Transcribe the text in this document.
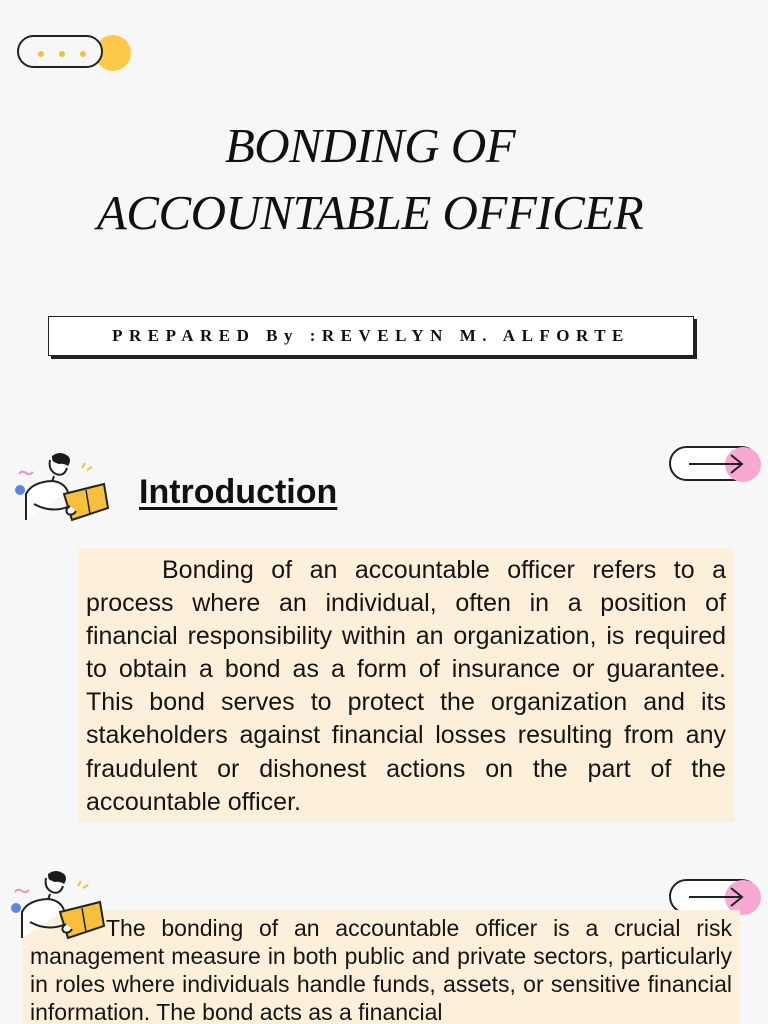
BONDING OF
ACCOUNTABLE OFFICER
PREPARED By :REVELYN M. ALFORTE
Introduction
Bonding of an accountable officer refers to a process where an individual, often in a position of financial responsibility within an organization, is required to obtain a bond as a form of insurance or guarantee. This bond serves to protect the organization and its stakeholders against financial losses resulting from any fraudulent or dishonest actions on the part of the accountable officer.
The bonding of an accountable officer is a crucial risk management measure in both public and private sectors, particularly in roles where individuals handle funds, assets, or sensitive financial information. The bond acts as a financial
